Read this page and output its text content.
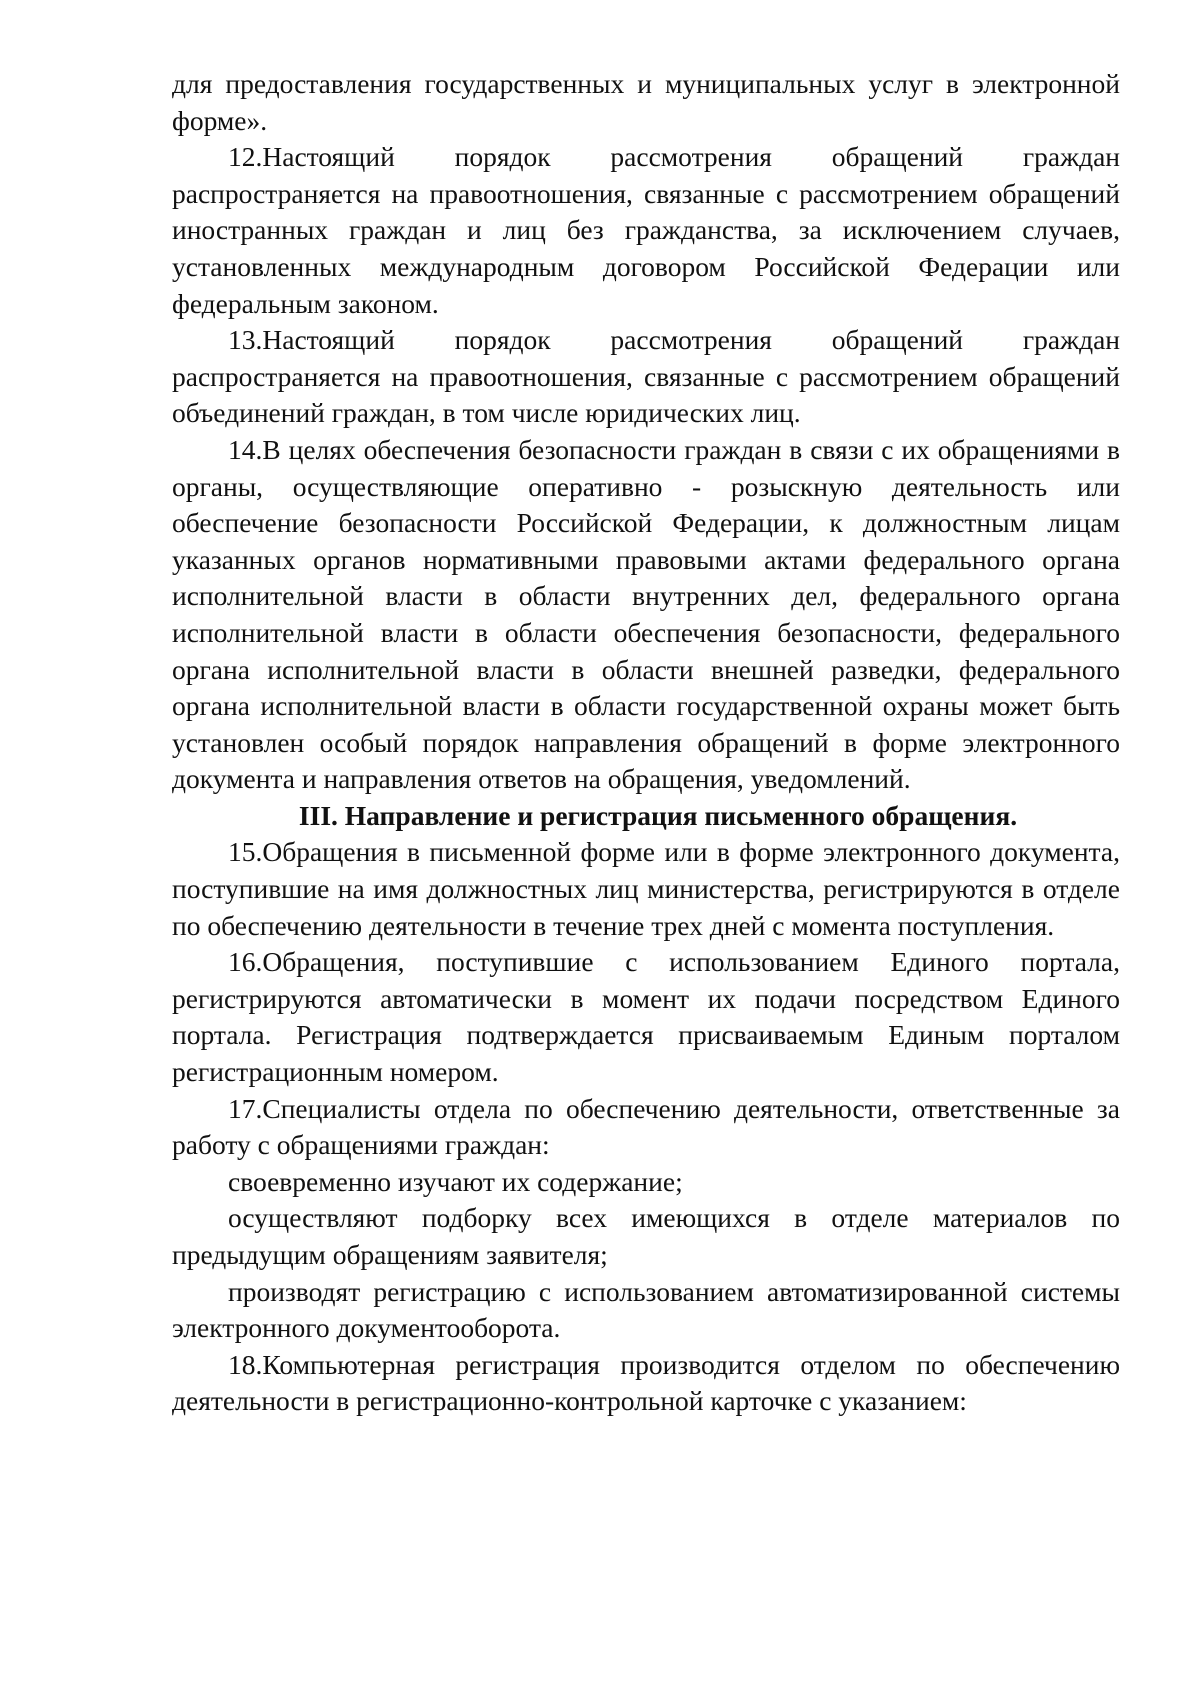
для предоставления государственных и муниципальных услуг в электронной форме».

12.Настоящий порядок рассмотрения обращений граждан распространяется на правоотношения, связанные с рассмотрением обращений иностранных граждан и лиц без гражданства, за исключением случаев, установленных международным договором Российской Федерации или федеральным законом.

13.Настоящий порядок рассмотрения обращений граждан распространяется на правоотношения, связанные с рассмотрением обращений объединений граждан, в том числе юридических лиц.

14.В целях обеспечения безопасности граждан в связи с их обращениями в органы, осуществляющие оперативно - розыскную деятельность или обеспечение безопасности Российской Федерации, к должностным лицам указанных органов нормативными правовыми актами федерального органа исполнительной власти в области внутренних дел, федерального органа исполнительной власти в области обеспечения безопасности, федерального органа исполнительной власти в области внешней разведки, федерального органа исполнительной власти в области государственной охраны может быть установлен особый порядок направления обращений в форме электронного документа и направления ответов на обращения, уведомлений.

III. Направление и регистрация письменного обращения.

15.Обращения в письменной форме или в форме электронного документа, поступившие на имя должностных лиц министерства, регистрируются в отделе по обеспечению деятельности в течение трех дней с момента поступления.

16.Обращения, поступившие с использованием Единого портала, регистрируются автоматически в момент их подачи посредством Единого портала. Регистрация подтверждается присваиваемым Единым порталом регистрационным номером.

17.Специалисты отдела по обеспечению деятельности, ответственные за работу с обращениями граждан:

своевременно изучают их содержание;

осуществляют подборку всех имеющихся в отделе материалов по предыдущим обращениям заявителя;

производят регистрацию с использованием автоматизированной системы электронного документооборота.

18.Компьютерная регистрация производится отделом по обеспечению деятельности в регистрационно-контрольной карточке с указанием:
